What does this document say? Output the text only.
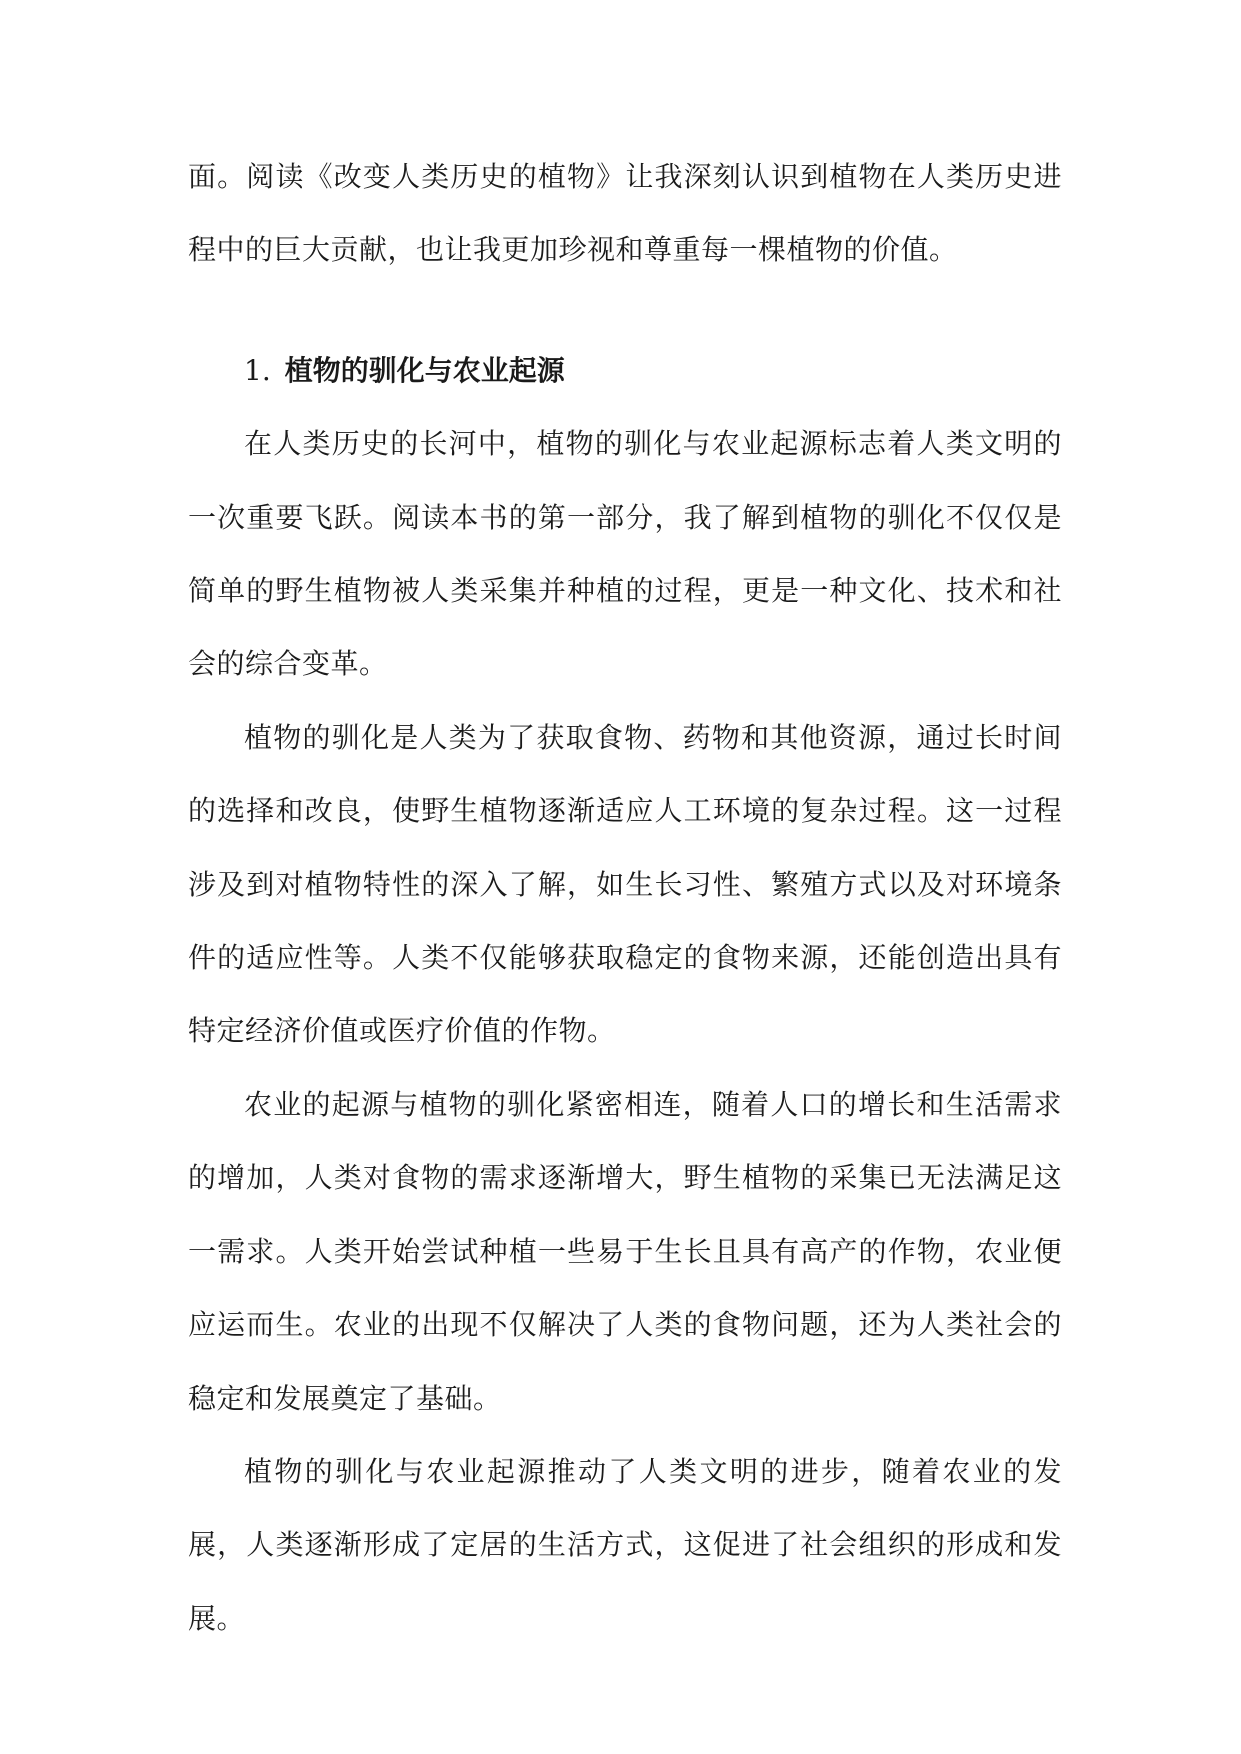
面。阅读《改变人类历史的植物》让我深刻认识到植物在人类历史进程中的巨大贡献，也让我更加珍视和尊重每一棵植物的价值。

1. 植物的驯化与农业起源

在人类历史的长河中，植物的驯化与农业起源标志着人类文明的一次重要飞跃。阅读本书的第一部分，我了解到植物的驯化不仅仅是简单的野生植物被人类采集并种植的过程，更是一种文化、技术和社会的综合变革。

植物的驯化是人类为了获取食物、药物和其他资源，通过长时间的选择和改良，使野生植物逐渐适应人工环境的复杂过程。这一过程涉及到对植物特性的深入了解，如生长习性、繁殖方式以及对环境条件的适应性等。人类不仅能够获取稳定的食物来源，还能创造出具有特定经济价值或医疗价值的作物。

农业的起源与植物的驯化紧密相连，随着人口的增长和生活需求的增加，人类对食物的需求逐渐增大，野生植物的采集已无法满足这一需求。人类开始尝试种植一些易于生长且具有高产的作物，农业便应运而生。农业的出现不仅解决了人类的食物问题，还为人类社会的稳定和发展奠定了基础。

植物的驯化与农业起源推动了人类文明的进步，随着农业的发展，人类逐渐形成了定居的生活方式，这促进了社会组织的形成和发展。
